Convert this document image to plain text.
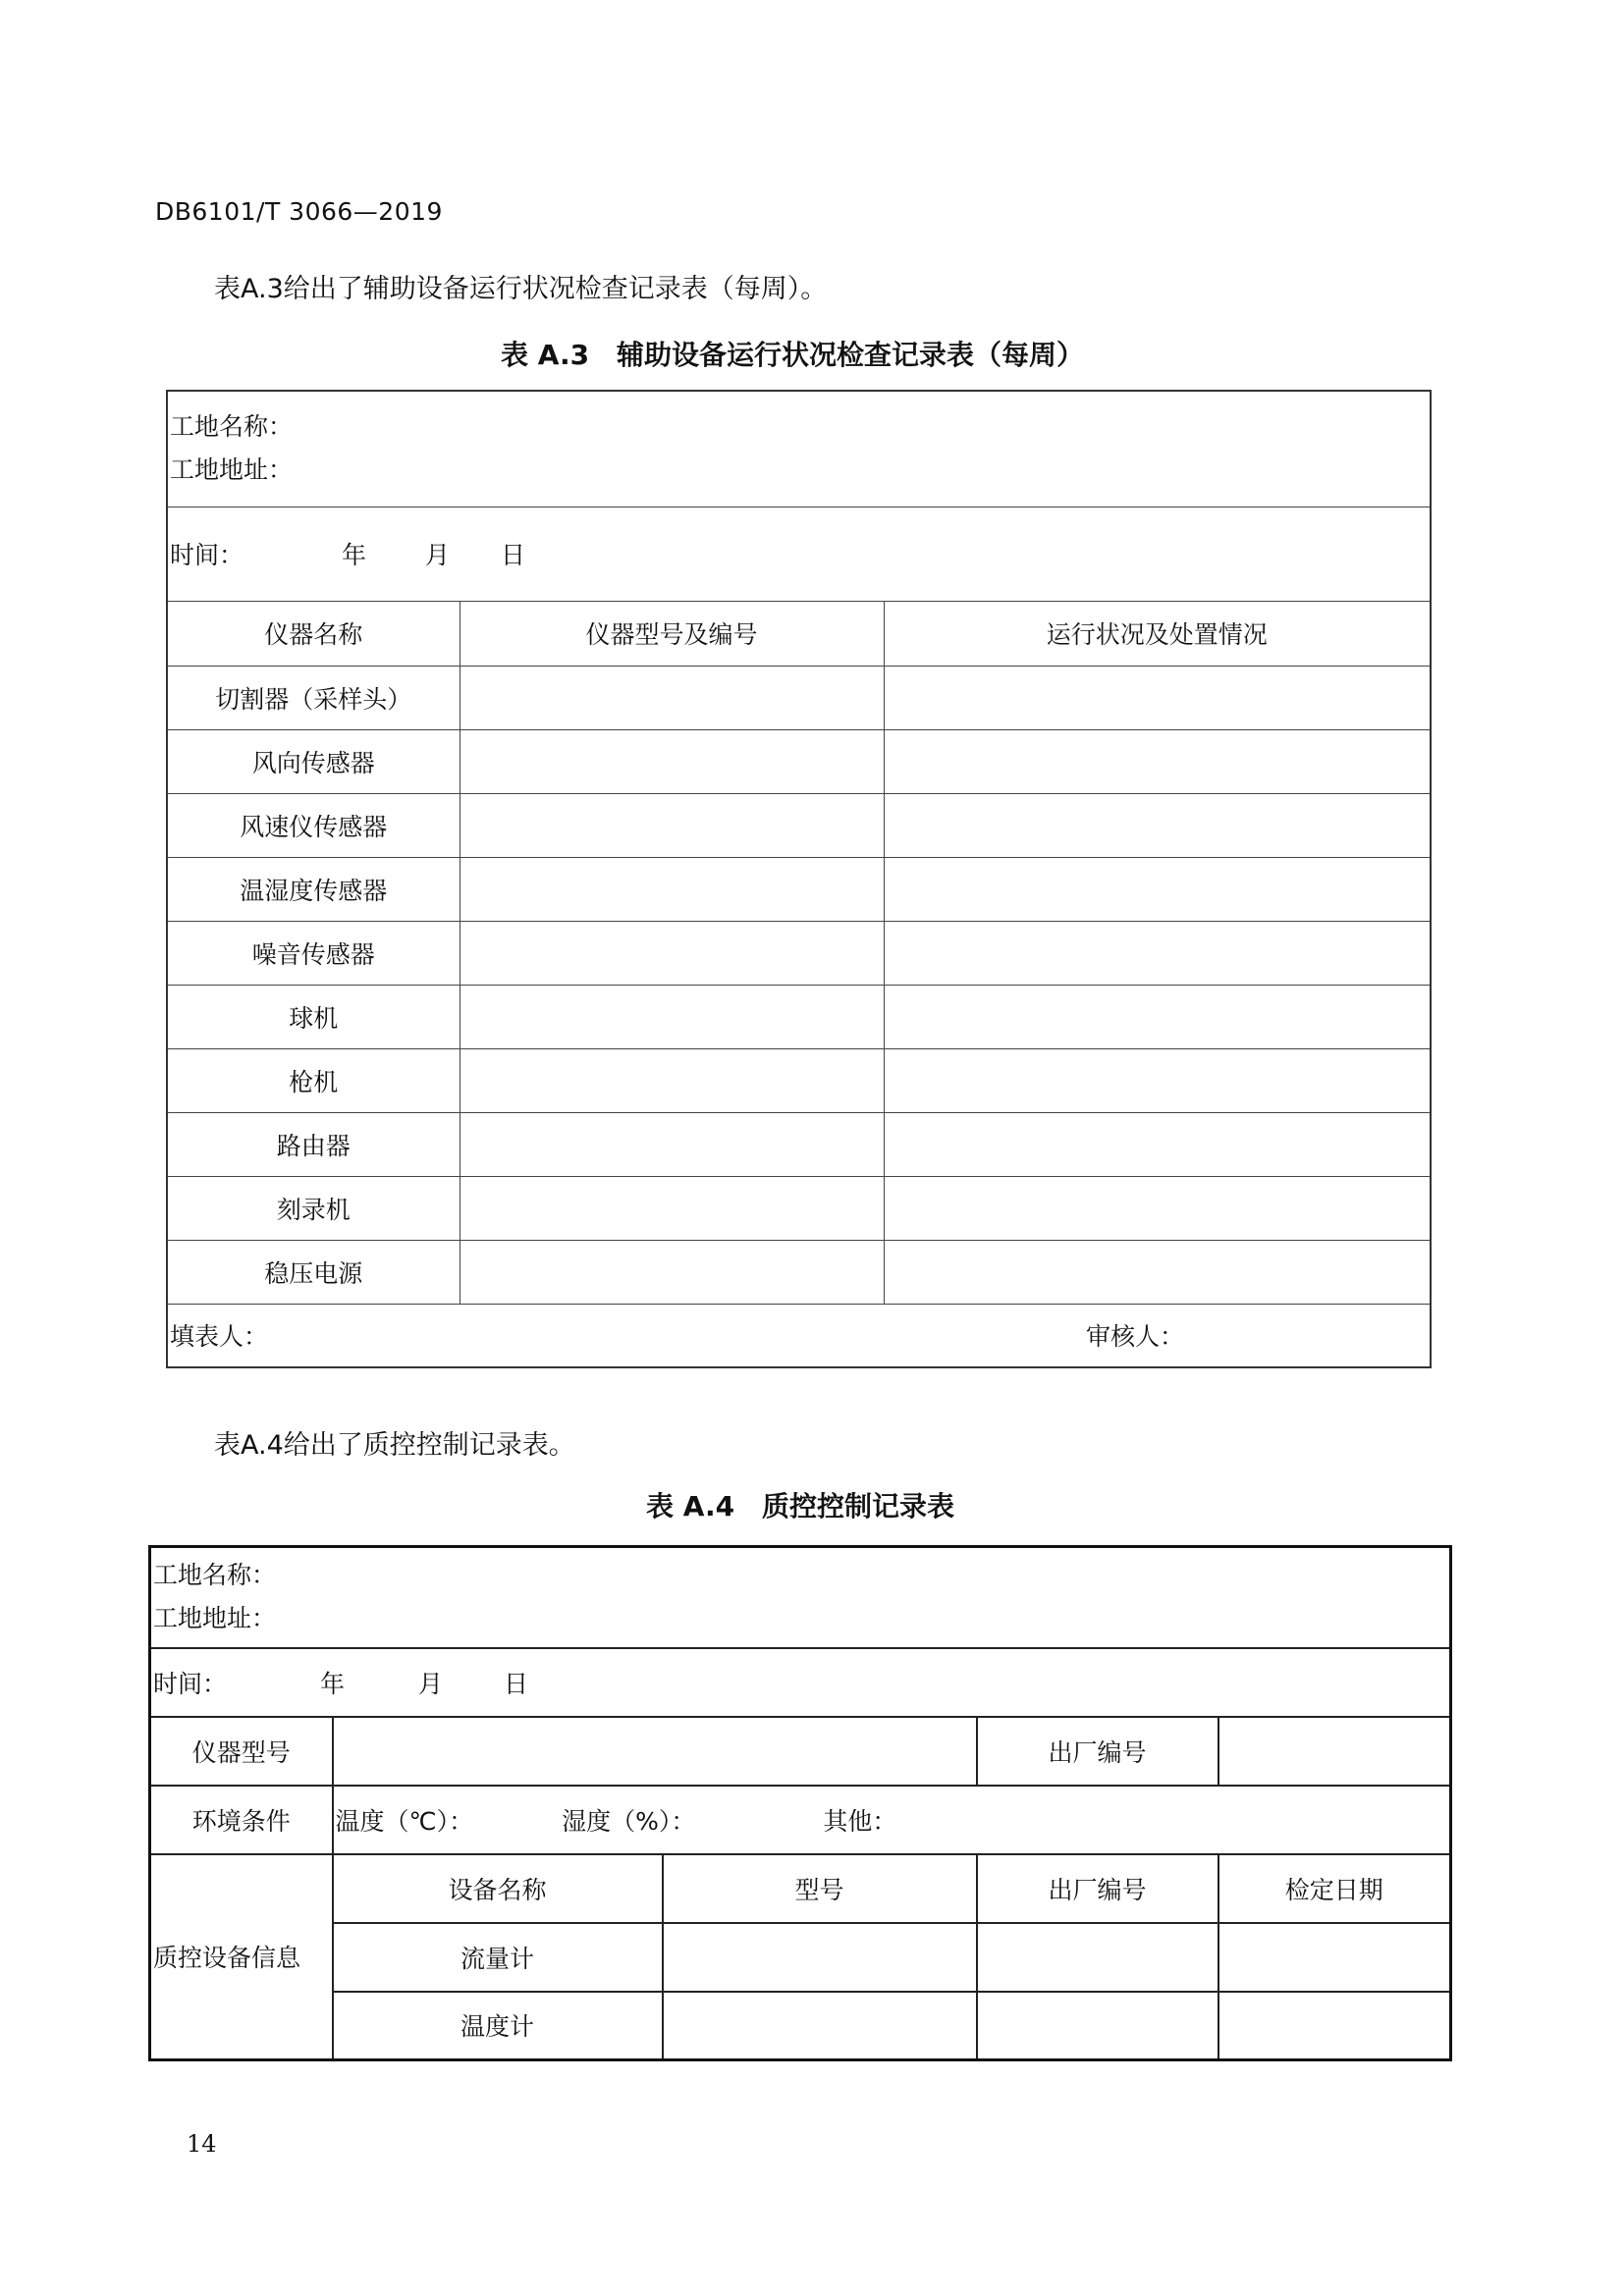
DB6101/T 3066—2019
表A.3给出了辅助设备运行状况检查记录表（每周）。
表 A.3　辅助设备运行状况检查记录表（每周）
工地名称：
工地地址：		

时间： 年 月 日		
仪器名称	仪器型号及编号	运行状况及处置情况
切割器（采样头）		
风向传感器		
风速仪传感器		
温湿度传感器		
噪音传感器		
球机		
枪机		
路由器		
刻录机		
稳压电源		
填表人： 审核人：		
表A.4给出了质控控制记录表。
表 A.4　质控控制记录表
工地名称：
工地地址：				

时间： 年 月 日				
仪器型号			出厂编号	
环境条件	温度（℃）： 湿度（%）： 其他：			
质控设备信息	设备名称	型号	出厂编号	检定日期
	流量计			
	温度计			
14
